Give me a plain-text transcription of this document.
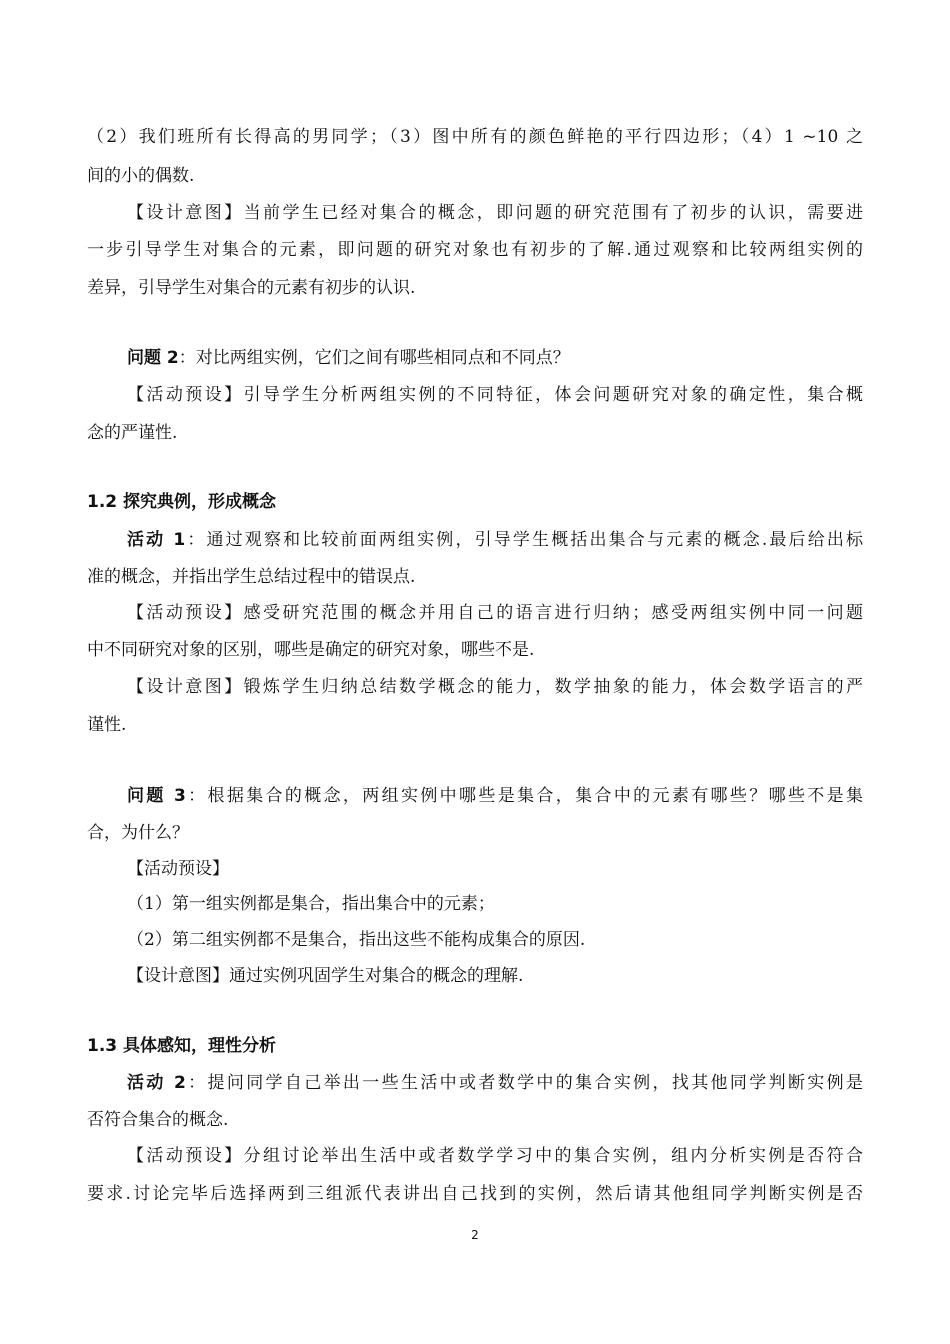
（2）我们班所有长得高的男同学；（3）图中所有的颜色鲜艳的平行四边形；（4）1 ~10 之
间的小的偶数.
【设计意图】当前学生已经对集合的概念，即问题的研究范围有了初步的认识，需要进
一步引导学生对集合的元素，即问题的研究对象也有初步的了解.通过观察和比较两组实例的
差异，引导学生对集合的元素有初步的认识.
问题 2：对比两组实例，它们之间有哪些相同点和不同点？
【活动预设】引导学生分析两组实例的不同特征，体会问题研究对象的确定性，集合概
念的严谨性.
1.2 探究典例，形成概念
活动 1：通过观察和比较前面两组实例，引导学生概括出集合与元素的概念.最后给出标
准的概念，并指出学生总结过程中的错误点.
【活动预设】感受研究范围的概念并用自己的语言进行归纳；感受两组实例中同一问题
中不同研究对象的区别，哪些是确定的研究对象，哪些不是.
【设计意图】锻炼学生归纳总结数学概念的能力，数学抽象的能力，体会数学语言的严
谨性.
问题 3：根据集合的概念，两组实例中哪些是集合，集合中的元素有哪些？哪些不是集
合，为什么？
【活动预设】
（1）第一组实例都是集合，指出集合中的元素；
（2）第二组实例都不是集合，指出这些不能构成集合的原因.
【设计意图】通过实例巩固学生对集合的概念的理解.
1.3 具体感知，理性分析
活动 2：提问同学自己举出一些生活中或者数学中的集合实例，找其他同学判断实例是
否符合集合的概念.
【活动预设】分组讨论举出生活中或者数学学习中的集合实例，组内分析实例是否符合
要求.讨论完毕后选择两到三组派代表讲出自己找到的实例，然后请其他组同学判断实例是否
2
